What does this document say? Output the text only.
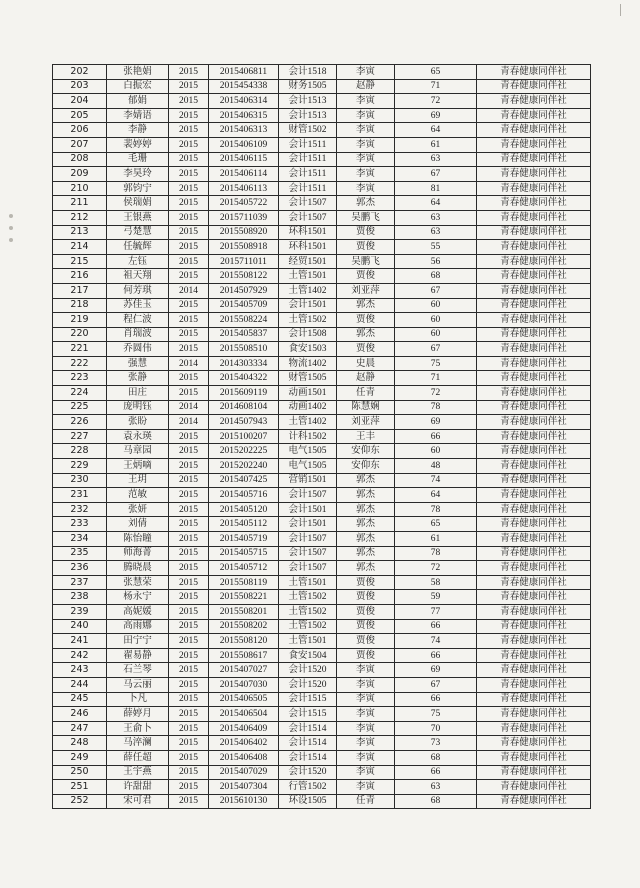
202	张艳娟	2015	2015406811	会计1518	李寅	65	青春健康同伴社
203	白振宏	2015	2015454338	财务1505	赵静	71	青春健康同伴社
204	郁娟	2015	2015406314	会计1513	李寅	72	青春健康同伴社
205	李婧语	2015	2015406315	会计1513	李寅	69	青春健康同伴社
206	李静	2015	2015406313	财管1502	李寅	64	青春健康同伴社
207	裴婷婷	2015	2015406109	会计1511	李寅	61	青春健康同伴社
208	毛珊	2015	2015406115	会计1511	李寅	63	青春健康同伴社
209	李昊玲	2015	2015406114	会计1511	李寅	67	青春健康同伴社
210	郭钧宁	2015	2015406113	会计1511	李寅	81	青春健康同伴社
211	侯瑞娟	2015	2015405722	会计1507	郭杰	64	青春健康同伴社
212	王银燕	2015	2015711039	会计1507	吴鹏飞	63	青春健康同伴社
213	弓楚慧	2015	2015508920	环科1501	贾俊	63	青春健康同伴社
214	任毓辉	2015	2015508918	环科1501	贾俊	55	青春健康同伴社
215	左钰	2015	2015711011	经贸1501	吴鹏飞	56	青春健康同伴社
216	祖天翔	2015	2015508122	土管1501	贾俊	68	青春健康同伴社
217	何芳琪	2014	2014507929	土管1402	刘亚萍	67	青春健康同伴社
218	苏佳玉	2015	2015405709	会计1501	郭杰	60	青春健康同伴社
219	程仁波	2015	2015508224	土管1502	贾俊	60	青春健康同伴社
220	肖瑞波	2015	2015405837	会计1508	郭杰	60	青春健康同伴社
221	乔圆伟	2015	2015508510	食安1503	贾俊	67	青春健康同伴社
222	强慧	2014	2014303334	物流1402	史晨	75	青春健康同伴社
223	张静	2015	2015404322	财管1505	赵静	71	青春健康同伴社
224	田庄	2015	2015609119	动画1501	任青	72	青春健康同伴社
225	庞明钰	2014	2014608104	动画1402	陈慧娴	78	青春健康同伴社
226	张盼	2014	2014507943	土管1402	刘亚萍	69	青春健康同伴社
227	袁永瑛	2015	2015100207	计科1502	王丰	66	青春健康同伴社
228	马章园	2015	2015202225	电气1505	安仰东	60	青春健康同伴社
229	王炳嘀	2015	2015202240	电气1505	安仰东	48	青春健康同伴社
230	王玥	2015	2015407425	营销1501	郭杰	74	青春健康同伴社
231	范敏	2015	2015405716	会计1507	郭杰	64	青春健康同伴社
232	张妍	2015	2015405120	会计1501	郭杰	78	青春健康同伴社
233	刘倩	2015	2015405112	会计1501	郭杰	65	青春健康同伴社
234	陈怡瞳	2015	2015405719	会计1507	郭杰	61	青春健康同伴社
235	师海菁	2015	2015405715	会计1507	郭杰	78	青春健康同伴社
236	腾晓晨	2015	2015405712	会计1507	郭杰	72	青春健康同伴社
237	张慧荣	2015	2015508119	土管1501	贾俊	58	青春健康同伴社
238	杨永宁	2015	2015508221	土管1502	贾俊	59	青春健康同伴社
239	高妮媛	2015	2015508201	土管1502	贾俊	77	青春健康同伴社
240	高雨娜	2015	2015508202	土管1502	贾俊	66	青春健康同伴社
241	田宁宁	2015	2015508120	土管1501	贾俊	74	青春健康同伴社
242	翟易静	2015	2015508617	食安1504	贾俊	66	青春健康同伴社
243	石兰琴	2015	2015407027	会计1520	李寅	69	青春健康同伴社
244	马云丽	2015	2015407030	会计1520	李寅	67	青春健康同伴社
245	卜凡	2015	2015406505	会计1515	李寅	66	青春健康同伴社
246	薛婷月	2015	2015406504	会计1515	李寅	75	青春健康同伴社
247	王俞卜	2015	2015406409	会计1514	李寅	70	青春健康同伴社
248	马淬澜	2015	2015406402	会计1514	李寅	73	青春健康同伴社
249	薛任超	2015	2015406408	会计1514	李寅	68	青春健康同伴社
250	王宇燕	2015	2015407029	会计1520	李寅	66	青春健康同伴社
251	许甜甜	2015	2015407304	行管1502	李寅	63	青春健康同伴社
252	宋可君	2015	2015610130	环设1505	任青	68	青春健康同伴社
